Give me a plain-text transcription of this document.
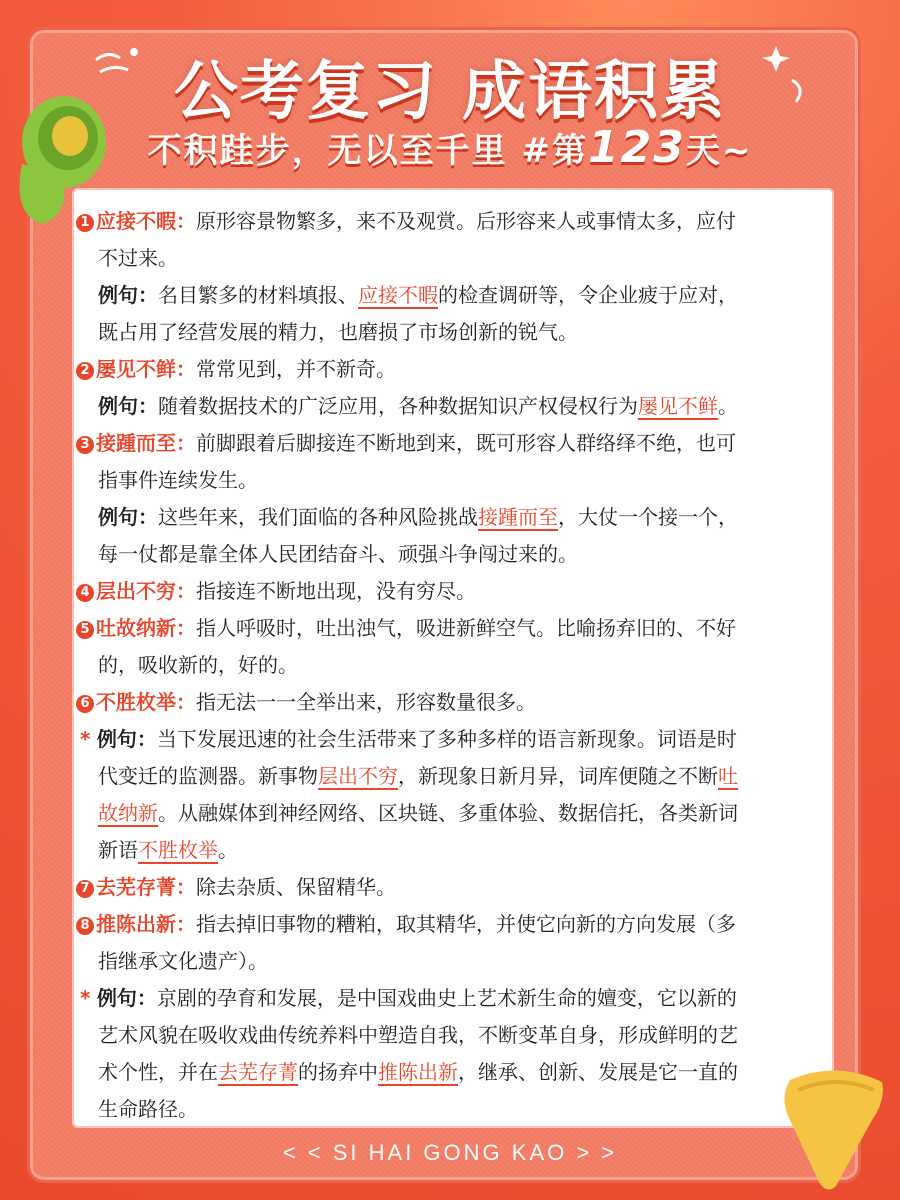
公考复习 成语积累
不积跬步，无以至千里 #第123天~
1 应接不暇：原形容景物繁多，来不及观赏。后形容来人或事情太多，应付
不过来。
例句：名目繁多的材料填报、应接不暇的检查调研等，令企业疲于应对，
既占用了经营发展的精力，也磨损了市场创新的锐气。
2 屡见不鲜：常常见到，并不新奇。
例句：随着数据技术的广泛应用，各种数据知识产权侵权行为屡见不鲜。
3 接踵而至：前脚跟着后脚接连不断地到来，既可形容人群络绎不绝，也可
指事件连续发生。
例句：这些年来，我们面临的各种风险挑战接踵而至，大仗一个接一个，
每一仗都是靠全体人民团结奋斗、顽强斗争闯过来的。
4 层出不穷：指接连不断地出现，没有穷尽。
5 吐故纳新：指人呼吸时，吐出浊气，吸进新鲜空气。比喻扬弃旧的、不好
的，吸收新的，好的。
6 不胜枚举：指无法一一全举出来，形容数量很多。
* 例句：当下发展迅速的社会生活带来了多种多样的语言新现象。词语是时
代变迁的监测器。新事物层出不穷，新现象日新月异，词库便随之不断吐
故纳新。从融媒体到神经网络、区块链、多重体验、数据信托，各类新词
新语不胜枚举。
7 去芜存菁：除去杂质、保留精华。
8 推陈出新：指去掉旧事物的糟粕，取其精华，并使它向新的方向发展（多
指继承文化遗产）。
* 例句：京剧的孕育和发展，是中国戏曲史上艺术新生命的嬗变，它以新的
艺术风貌在吸收戏曲传统养料中塑造自我，不断变革自身，形成鲜明的艺
术个性，并在去芜存菁的扬弃中推陈出新，继承、创新、发展是它一直的
生命路径。
< < SI HAI GONG KAO > >
